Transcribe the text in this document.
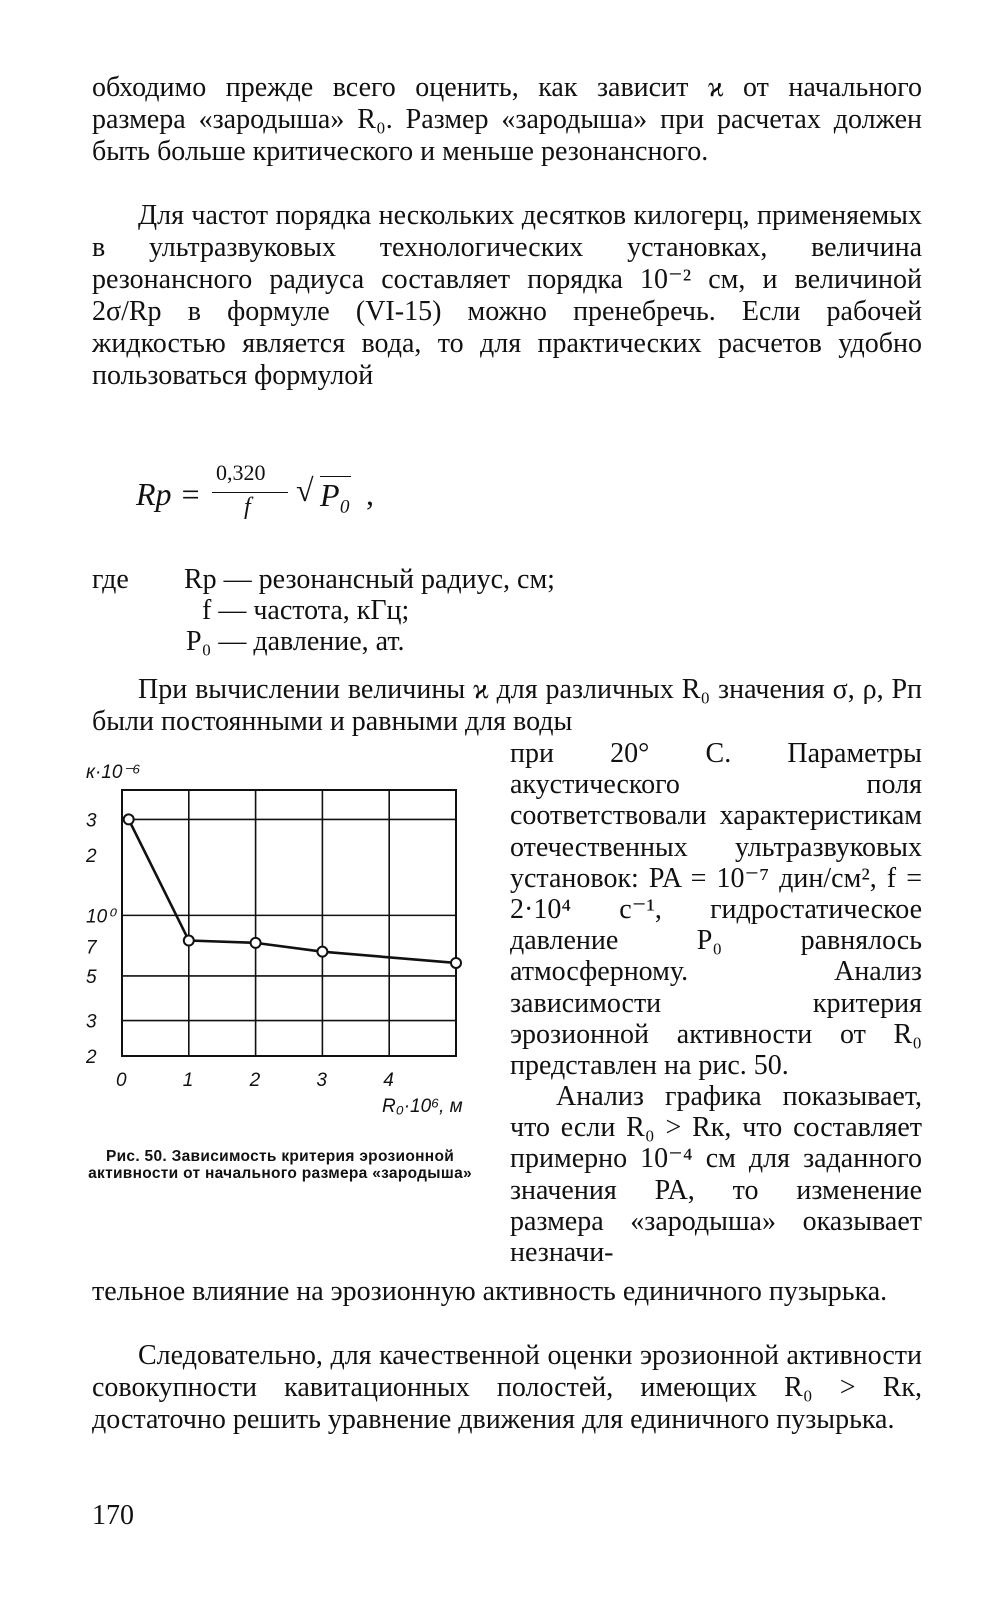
обходимо прежде всего оценить, как зависит ϰ от начального размера «зародыша» R₀. Размер «зародыша» при расчетах должен быть больше критического и меньше резонансного.
Для частот порядка нескольких десятков килогерц, применяемых в ультразвуковых технологических установках, величина резонансного радиуса составляет порядка 10⁻² см, и величиной 2σ/Rр в формуле (VI-15) можно пренебречь. Если рабочей жидкостью является вода, то для практических расчетов удобно пользоваться формулой
Rр =
0,320
f √ P₀ ,
где Rр — резонансный радиус, см;
f — частота, кГц;
P₀ — давление, ат.
При вычислении величины ϰ для различных R₀ значения σ, ρ, Pп были постоянными и равными для воды
3
2
10⁰
7
5
3
2
0	1	2	3	4
к·10⁻⁶
R₀·10⁶, м
при 20° С. Параметры акустического поля соответствовали характеристикам отечественных ультразвуковых установок: PA = 10⁻⁷ дин/см², f = 2·10⁴ с⁻¹, гидростатическое давление P₀ равнялось атмосферному. Анализ зависимости критерия эрозионной активности от R₀ представлен на рис. 50.
Анализ графика показывает, что если R₀ > Rк, что составляет примерно 10⁻⁴ см для заданного значения PA, то изменение размера «зародыша» оказывает незначи-
Рис. 50. Зависимость критерия эрозионной активности от начального размера «зародыша»
тельное влияние на эрозионную активность единичного пузырька.
Следовательно, для качественной оценки эрозионной активности совокупности кавитационных полостей, имеющих R₀ > Rк, достаточно решить уравнение движения для единичного пузырька.
170
